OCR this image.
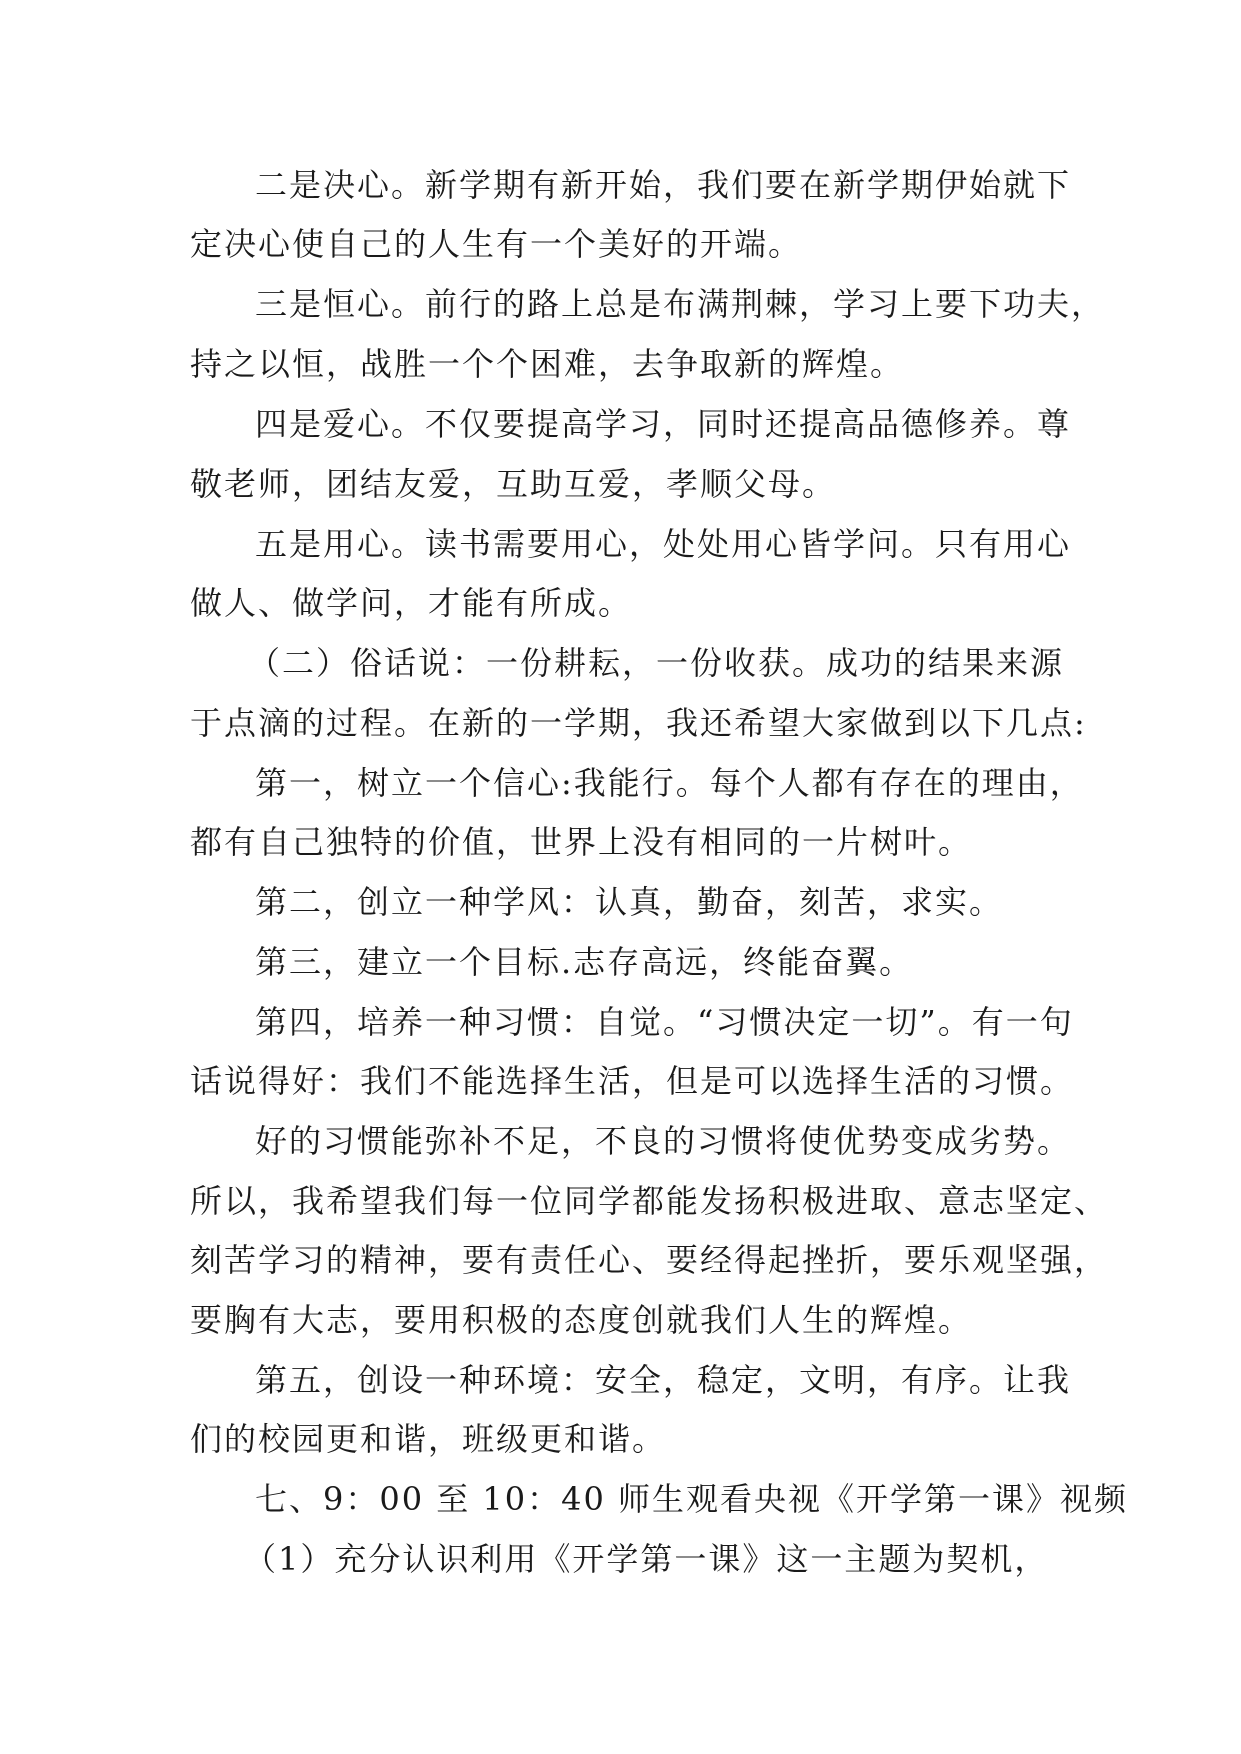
二是决心。新学期有新开始，我们要在新学期伊始就下

定决心使自己的人生有一个美好的开端。

三是恒心。前行的路上总是布满荆棘，学习上要下功夫，

持之以恒，战胜一个个困难，去争取新的辉煌。

四是爱心。不仅要提高学习，同时还提高品德修养。尊

敬老师，团结友爱，互助互爱，孝顺父母。

五是用心。读书需要用心，处处用心皆学问。只有用心

做人、做学问，才能有所成。

（二）俗话说：一份耕耘，一份收获。成功的结果来源

于点滴的过程。在新的一学期，我还希望大家做到以下几点:

第一，树立一个信心:我能行。每个人都有存在的理由，

都有自己独特的价值，世界上没有相同的一片树叶。

第二，创立一种学风：认真，勤奋，刻苦，求实。

第三，建立一个目标.志存高远，终能奋翼。

第四，培养一种习惯：自觉。“习惯决定一切”。有一句

话说得好：我们不能选择生活，但是可以选择生活的习惯。

好的习惯能弥补不足，不良的习惯将使优势变成劣势。

所以，我希望我们每一位同学都能发扬积极进取、意志坚定、

刻苦学习的精神，要有责任心、要经得起挫折，要乐观坚强，

要胸有大志，要用积极的态度创就我们人生的辉煌。

第五，创设一种环境：安全，稳定，文明，有序。让我

们的校园更和谐，班级更和谐。

七、9：00 至 10：40 师生观看央视《开学第一课》视频

（1）充分认识利用《开学第一课》这一主题为契机，
